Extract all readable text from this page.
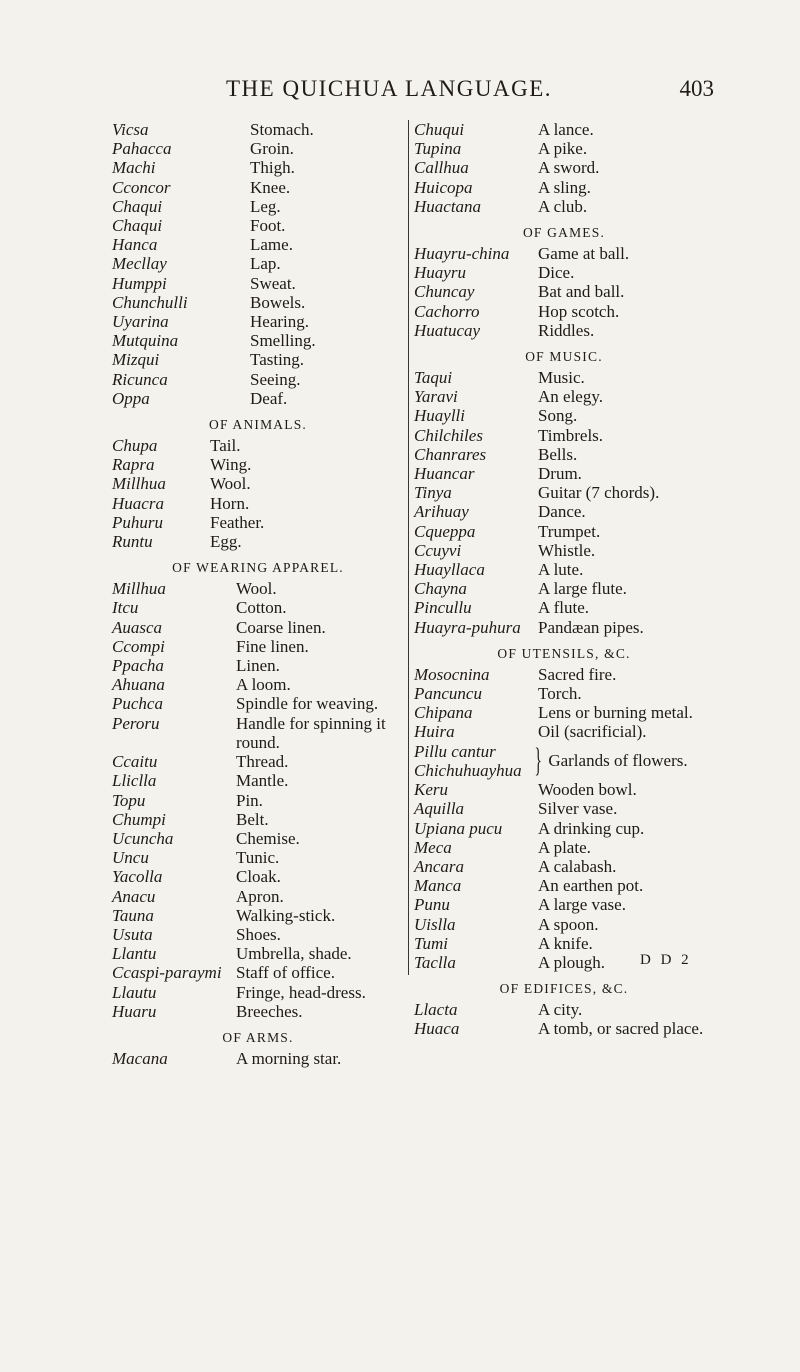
THE QUICHUA LANGUAGE.	403
Vicsa	Stomach.
Pahacca	Groin.
Machi	Thigh.
Cconcor	Knee.
Chaqui	Leg.
Chaqui	Foot.
Hanca	Lame.
Mecllay	Lap.
Humppi	Sweat.
Chunchulli	Bowels.
Uyarina	Hearing.
Mutquina	Smelling.
Mizqui	Tasting.
Ricunca	Seeing.
Oppa	Deaf.
OF ANIMALS.
Chupa	Tail.
Rapra	Wing.
Millhua	Wool.
Huacra	Horn.
Puhuru	Feather.
Runtu	Egg.
OF WEARING APPAREL.
Millhua	Wool.
Itcu	Cotton.
Auasca	Coarse linen.
Ccompi	Fine linen.
Ppacha	Linen.
Ahuana	A loom.
Puchca	Spindle for weaving.
Peroru	Handle for spinning it round.
Ccaitu	Thread.
Lliclla	Mantle.
Topu	Pin.
Chumpi	Belt.
Ucuncha	Chemise.
Uncu	Tunic.
Yacolla	Cloak.
Anacu	Apron.
Tauna	Walking-stick.
Usuta	Shoes.
Llantu	Umbrella, shade.
Ccaspi-paraymi Staff of office.
Llautu	Fringe, head-dress.
Huaru	Breeches.
OF ARMS.
Macana	A morning star.
Chuqui	A lance.
Tupina	A pike.
Callhua	A sword.
Huicopa	A sling.
Huactana	A club.
OF GAMES.
Huayru-china	Game at ball.
Huayru	Dice.
Chuncay	Bat and ball.
Cachorro	Hop scotch.
Huatucay	Riddles.
OF MUSIC.
Taqui	Music.
Yaravi	An elegy.
Huaylli	Song.
Chilchiles	Timbrels.
Chanrares	Bells.
Huancar	Drum.
Tinya	Guitar (7 chords).
Arihuay	Dance.
Cqueppa	Trumpet.
Ccuyvi	Whistle.
Huayllaca	A lute.
Chayna	A large flute.
Pincullu	A flute.
Huayra-puhura	Pandæan pipes.
OF UTENSILS, &C.
Mosocnina	Sacred fire.
Pancuncu	Torch.
Chipana	Lens or burning metal.
Huira	Oil (sacrificial).
Pillu cantur
Chichuhuayhua } Garlands of flowers.
Keru	Wooden bowl.
Aquilla	Silver vase.
Upiana pucu	A drinking cup.
Meca	A plate.
Ancara	A calabash.
Manca	An earthen pot.
Punu	A large vase.
Uislla	A spoon.
Tumi	A knife.
Taclla	A plough.
OF EDIFICES, &C.
Llacta	A city.
Huaca	A tomb, or sacred place.
D D 2
